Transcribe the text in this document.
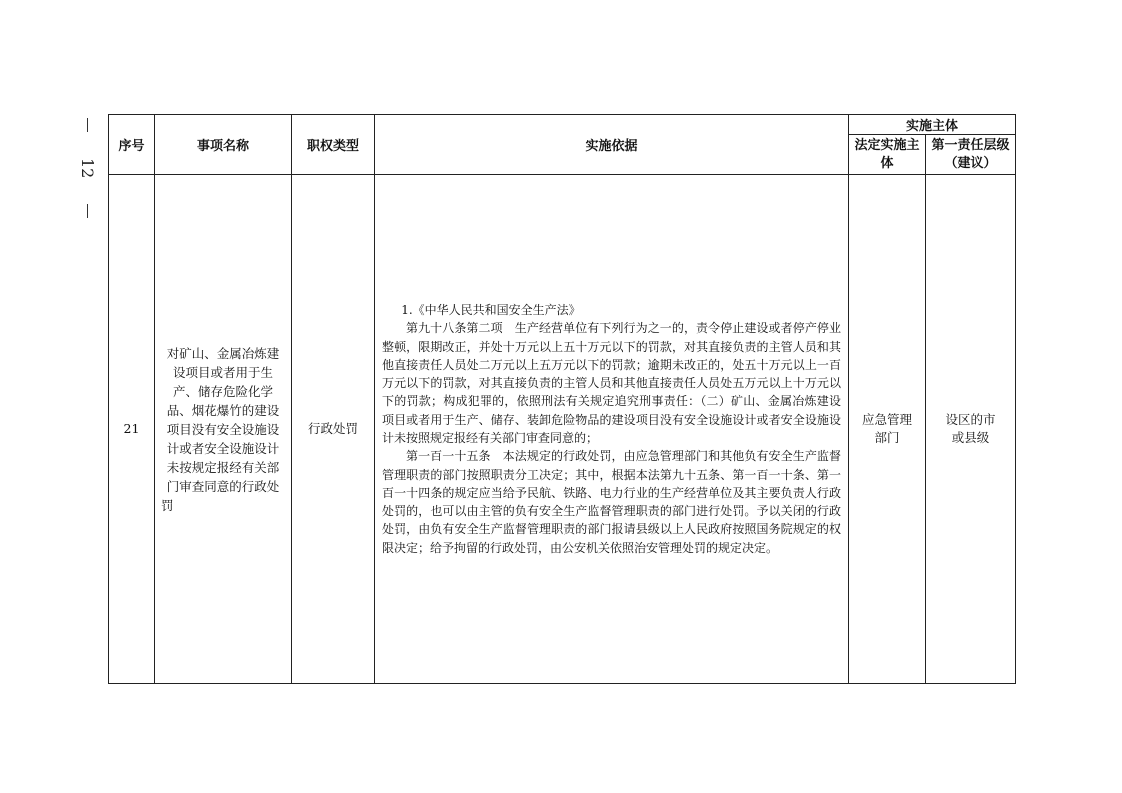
12
序号	事项名称	职权类型	实施依据	实施主体	
				法定实施主体	第一责任层级（建议）
21	对矿山、金属冶炼建设项目或者用于生产、储存危险化学品、烟花爆竹的建设项目没有安全设施设计或者安全设施设计未按规定报经有关部门审查同意的行政处罚	行政处罚	1.《中华人民共和国安全生产法》

第九十八条第二项　生产经营单位有下列行为之一的，责令停止建设或者停产停业整顿，限期改正，并处十万元以上五十万元以下的罚款，对其直接负责的主管人员和其他直接责任人员处二万元以上五万元以下的罚款；逾期未改正的，处五十万元以上一百万元以下的罚款，对其直接负责的主管人员和其他直接责任人员处五万元以上十万元以下的罚款；构成犯罪的，依照刑法有关规定追究刑事责任：（二）矿山、金属冶炼建设项目或者用于生产、储存、装卸危险物品的建设项目没有安全设施设计或者安全设施设计未按照规定报经有关部门审查同意的；

第一百一十五条　本法规定的行政处罚，由应急管理部门和其他负有安全生产监督管理职责的部门按照职责分工决定；其中，根据本法第九十五条、第一百一十条、第一百一十四条的规定应当给予民航、铁路、电力行业的生产经营单位及其主要负责人行政处罚的，也可以由主管的负有安全生产监督管理职责的部门进行处罚。予以关闭的行政处罚，由负有安全生产监督管理职责的部门报请县级以上人民政府按照国务院规定的权限决定；给予拘留的行政处罚，由公安机关依照治安管理处罚的规定决定。	应急管理部门	设区的市或县级
